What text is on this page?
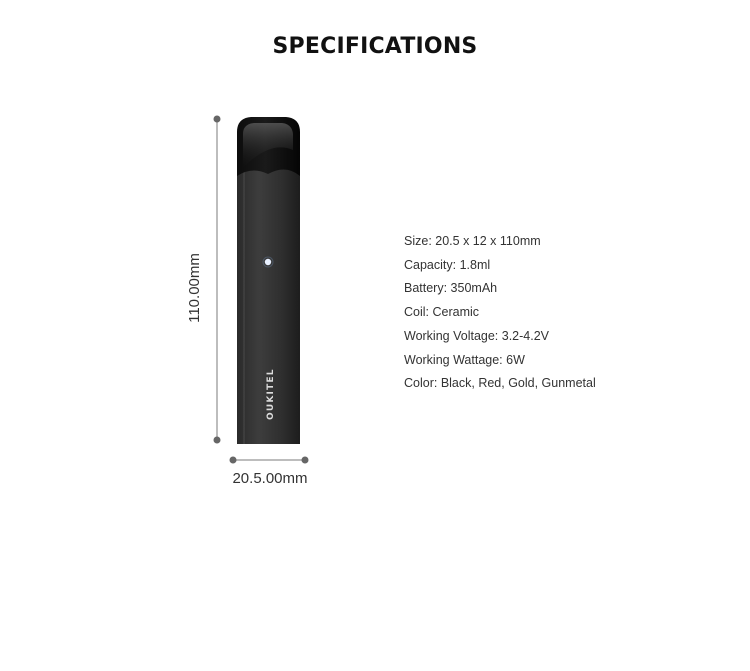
SPECIFICATIONS
OUKITEL
110.00mm
20.5.00mm
Size: 20.5 x 12 x 110mm
Capacity: 1.8ml
Battery: 350mAh
Coil: Ceramic
Working Voltage: 3.2-4.2V
Working Wattage: 6W
Color: Black, Red, Gold, Gunmetal
